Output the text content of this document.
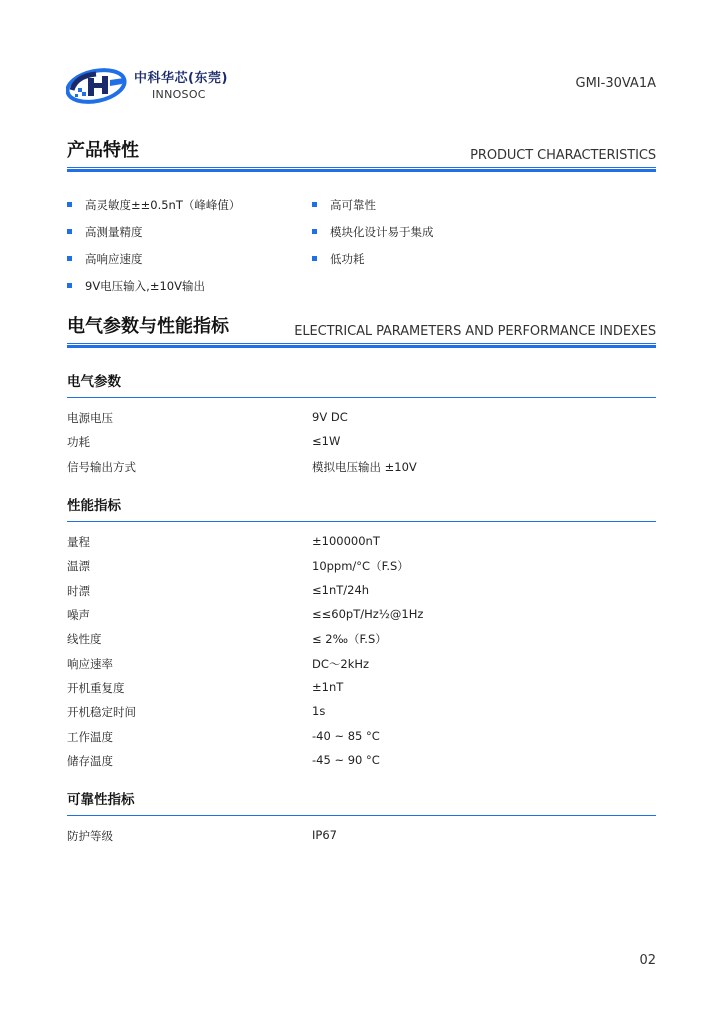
中科华芯(东莞)
INNOSOC
GMI-30VA1A
产品特性	PRODUCT CHARACTERISTICS
高灵敏度±±0.5nT（峰峰值）
高测量精度
高响应速度
9V电压输入,±10V输出
高可靠性
模块化设计易于集成
低功耗
电气参数与性能指标	ELECTRICAL PARAMETERS AND PERFORMANCE INDEXES
电气参数
电源电压	9V DC
功耗	≤1W
信号输出方式	模拟电压输出 ±10V
性能指标
量程	±100000nT
温漂	10ppm/°C（F.S）
时漂	≤1nT/24h
噪声	≤≤60pT/Hz½@1Hz
线性度	≤ 2‰（F.S）
响应速率	DC～2kHz
开机重复度	±1nT
开机稳定时间	1s
工作温度	-40 ~ 85 °C
储存温度	-45 ~ 90 °C
可靠性指标
防护等级	IP67
02
